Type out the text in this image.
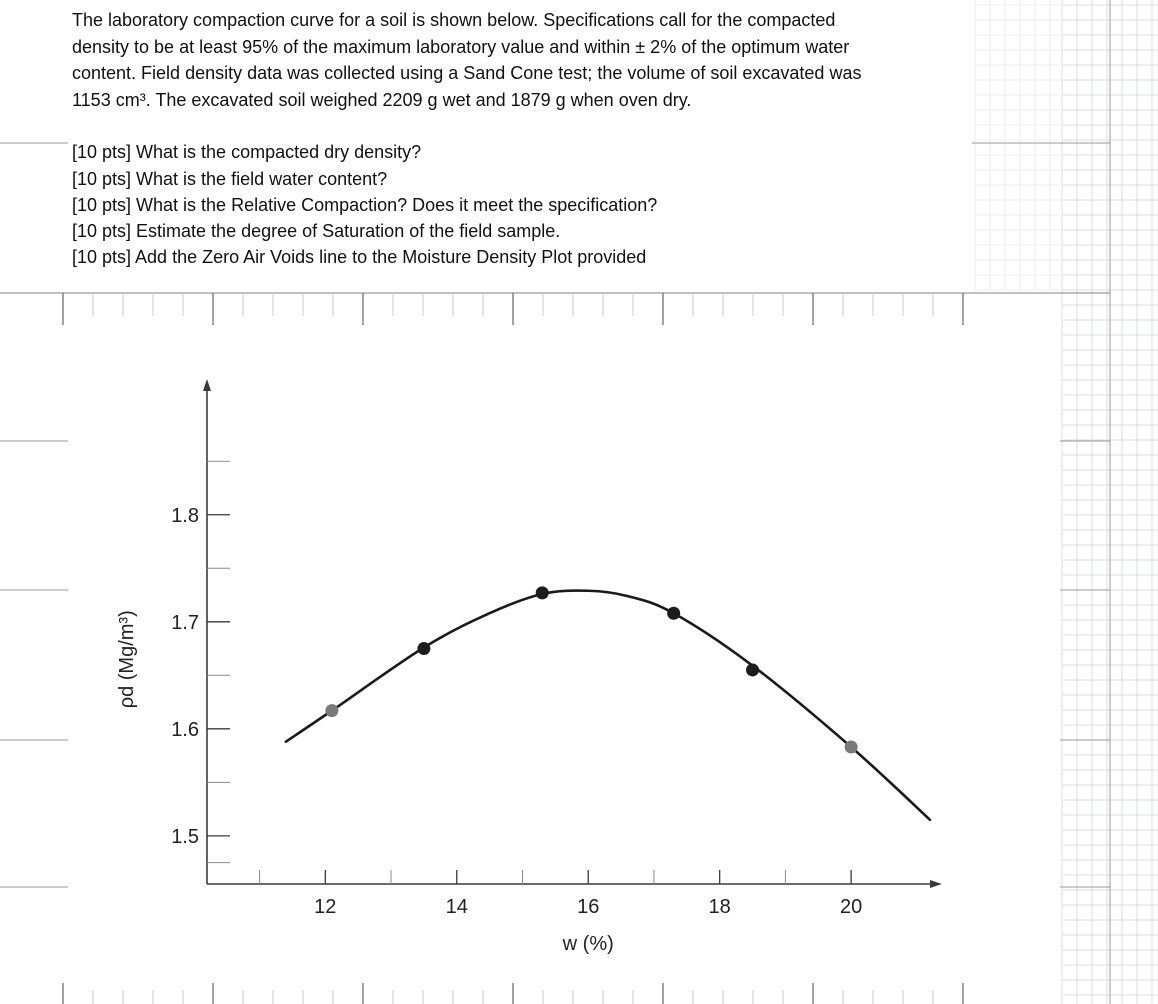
1.5
1.6
1.7
1.8
12	14	16	18	20
w (%)
ρd (Mg/m³)

The laboratory compaction curve for a soil is shown below. Specifications call for the compacted

density to be at least 95% of the maximum laboratory value and within ± 2% of the optimum water

content. Field density data was collected using a Sand Cone test; the volume of soil excavated was

1153 cm³. The excavated soil weighed 2209 g wet and 1879 g when oven dry.

[10 pts] What is the compacted dry density?
[10 pts] What is the field water content?
[10 pts] What is the Relative Compaction? Does it meet the specification?
[10 pts] Estimate the degree of Saturation of the field sample.
[10 pts] Add the Zero Air Voids line to the Moisture Density Plot provided
